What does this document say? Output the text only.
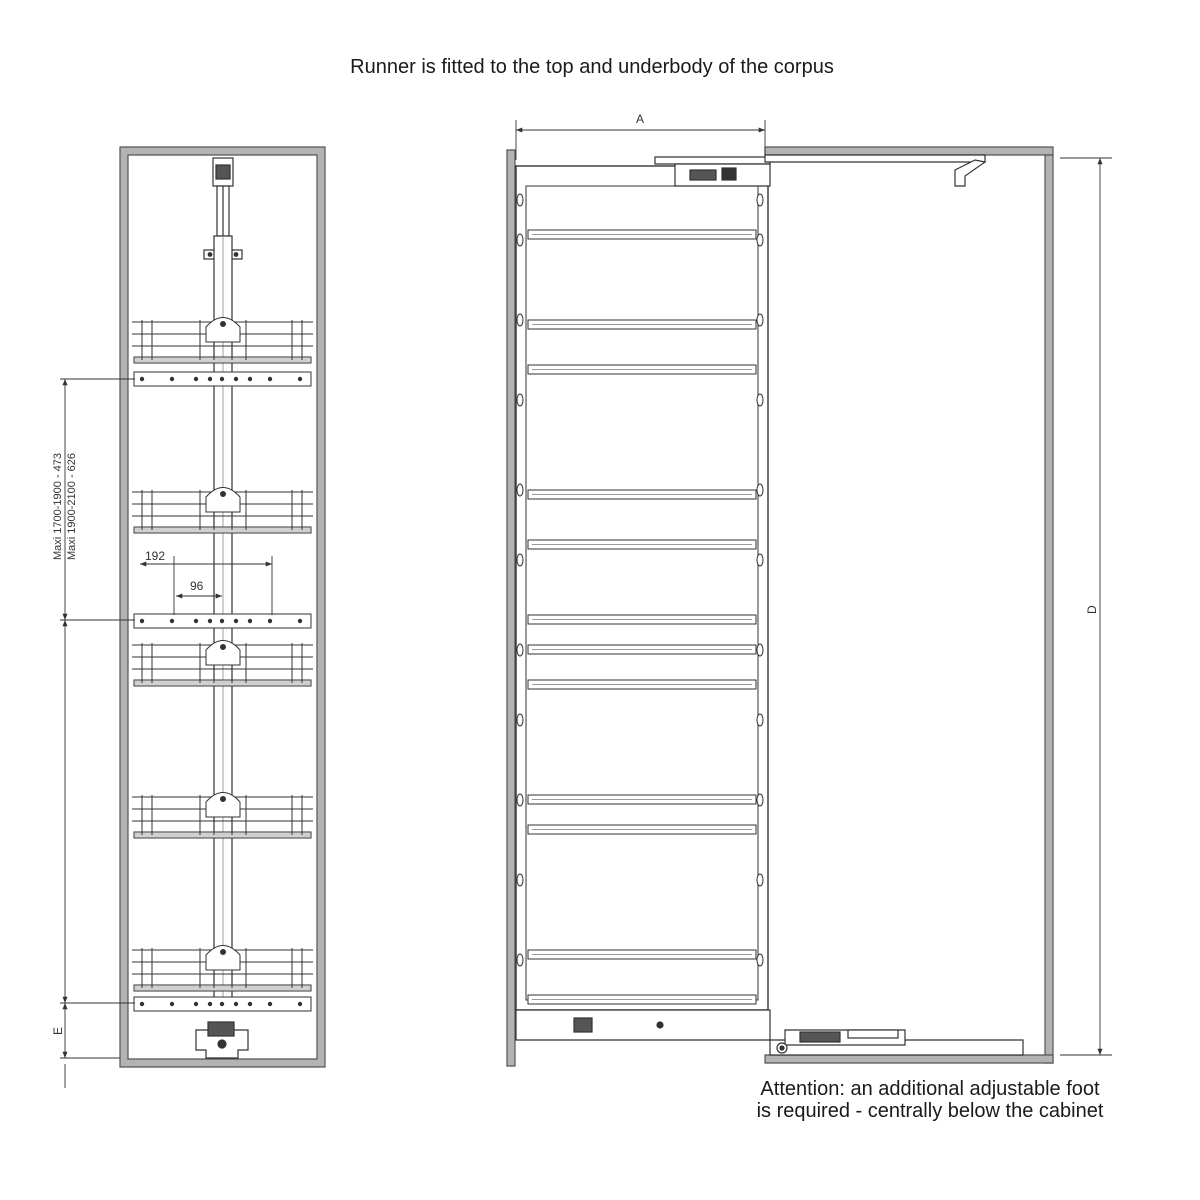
Runner is fitted to the top and underbody of the corpus
Attention: an additional adjustable foot
is required - centrally below the cabinet
192
96
Maxi 1700-1900 - 473 Maxi 1900-2100 - 626
E
A
D
